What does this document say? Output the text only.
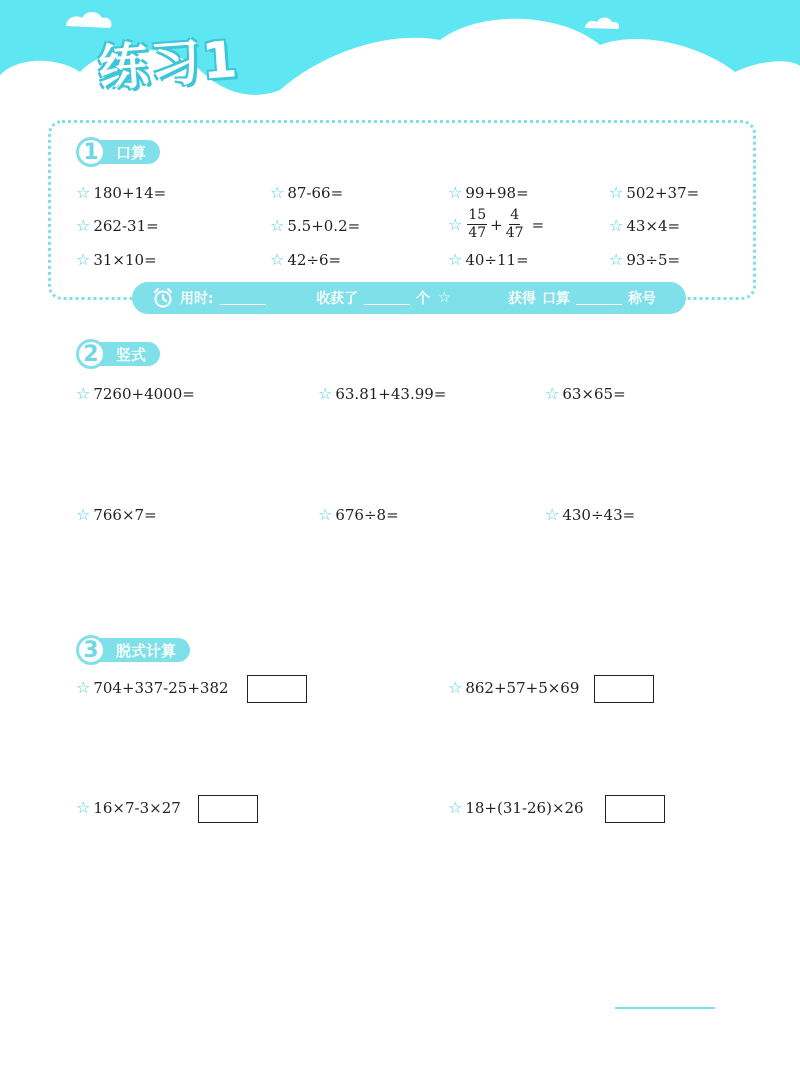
练习1
1	口算
☆ 180+14=	☆ 87-66=	☆ 99+98=	☆ 502+37=
☆ 262-31=	☆ 5.5+0.2=	☆ $\frac{15}{47} + \frac{4}{47}$ =	☆ 43×4=
☆ 31×10=	☆ 42÷6=	☆ 40÷11=	☆ 93÷5=
用时:	收获了	个 ☆	获得 口算	称号
2	竖式
☆ 7260+4000=	☆ 63.81+43.99=	☆ 63×65=
☆ 766×7=	☆ 676÷8=	☆ 430÷43=
3	脱式计算
☆ 704+337-25+382	☆ 862+57+5×69
☆ 16×7-3×27	☆ 18+(31-26)×26
